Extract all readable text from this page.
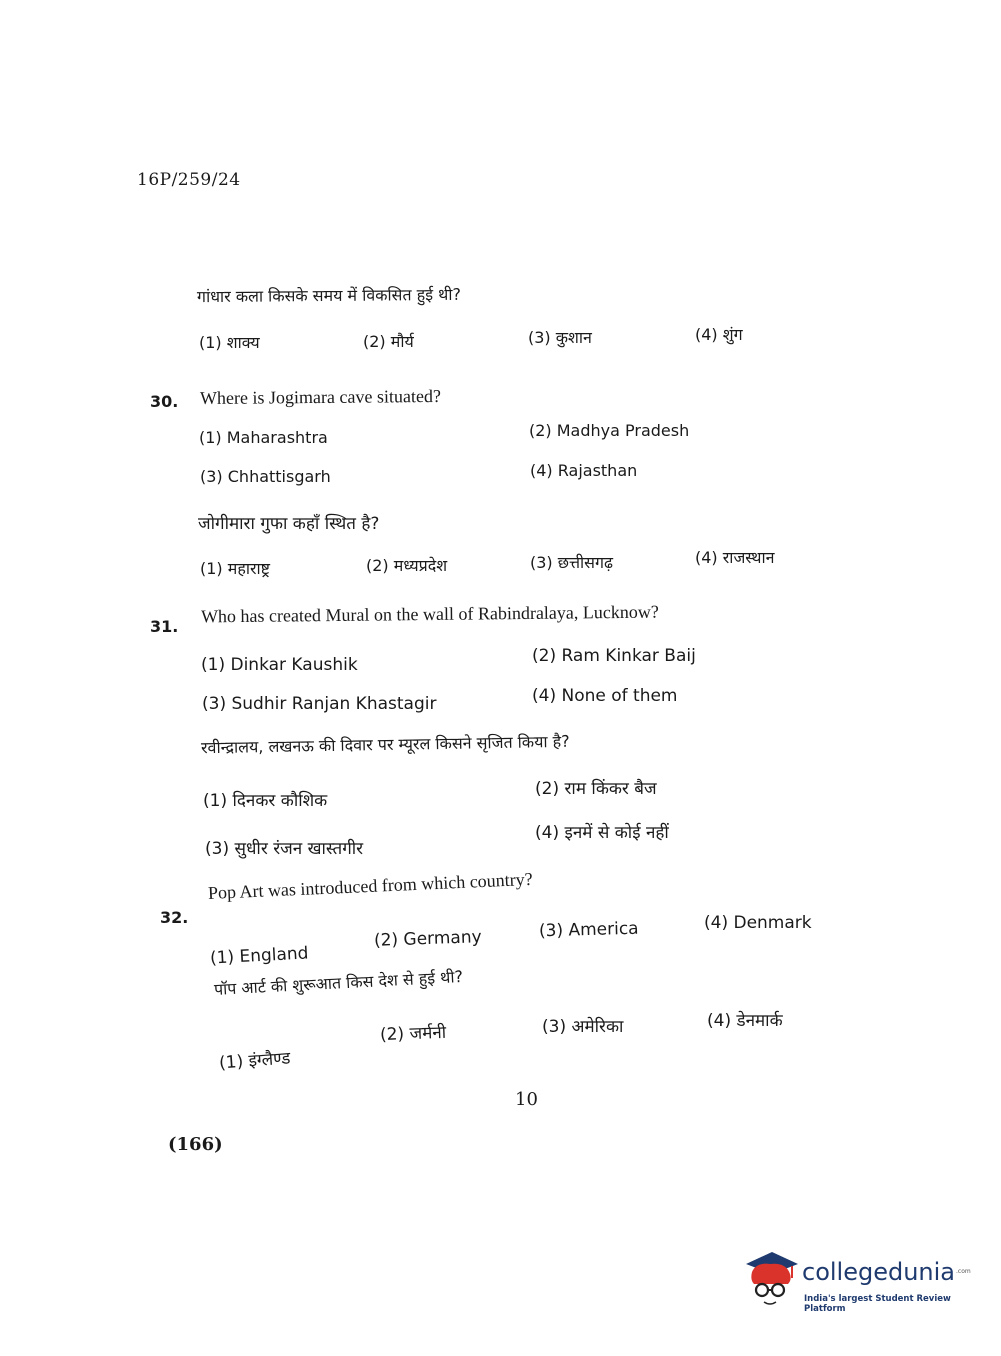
16P/259/24
गांधार कला किसके समय में विकसित हुई थी?
(1) शाक्य	(2) मौर्य	(3) कुशान	(4) शुंग
30. Where is Jogimara cave situated?
(1) Maharashtra	(2) Madhya Pradesh
(3) Chhattisgarh	(4) Rajasthan
जोगीमारा गुफा कहाँ स्थित है?
(1) महाराष्ट्र	(2) मध्यप्रदेश	(3) छत्तीसगढ़	(4) राजस्थान
31.
Who has created Mural on the wall of Rabindralaya, Lucknow?
(1) Dinkar Kaushik	(2) Ram Kinkar Baij
(3) Sudhir Ranjan Khastagir	(4) None of them
रवीन्द्रालय, लखनऊ की दिवार पर म्यूरल किसने सृजित किया है?
(1) दिनकर कौशिक
(2) राम किंकर बैज
(3) सुधीर रंजन खास्तगीर
(4) इनमें से कोई नहीं
32.
Pop Art was introduced from which country?
(1) England
(2) Germany	(3) America	(4) Denmark
पॉप आर्ट की शुरूआत किस देश से हुई थी?
(1) इंग्लैण्ड
(2) जर्मनी	(3) अमेरिका	(4) डेनमार्क
10
(166)
collegedunia .com
India's largest Student Review Platform
